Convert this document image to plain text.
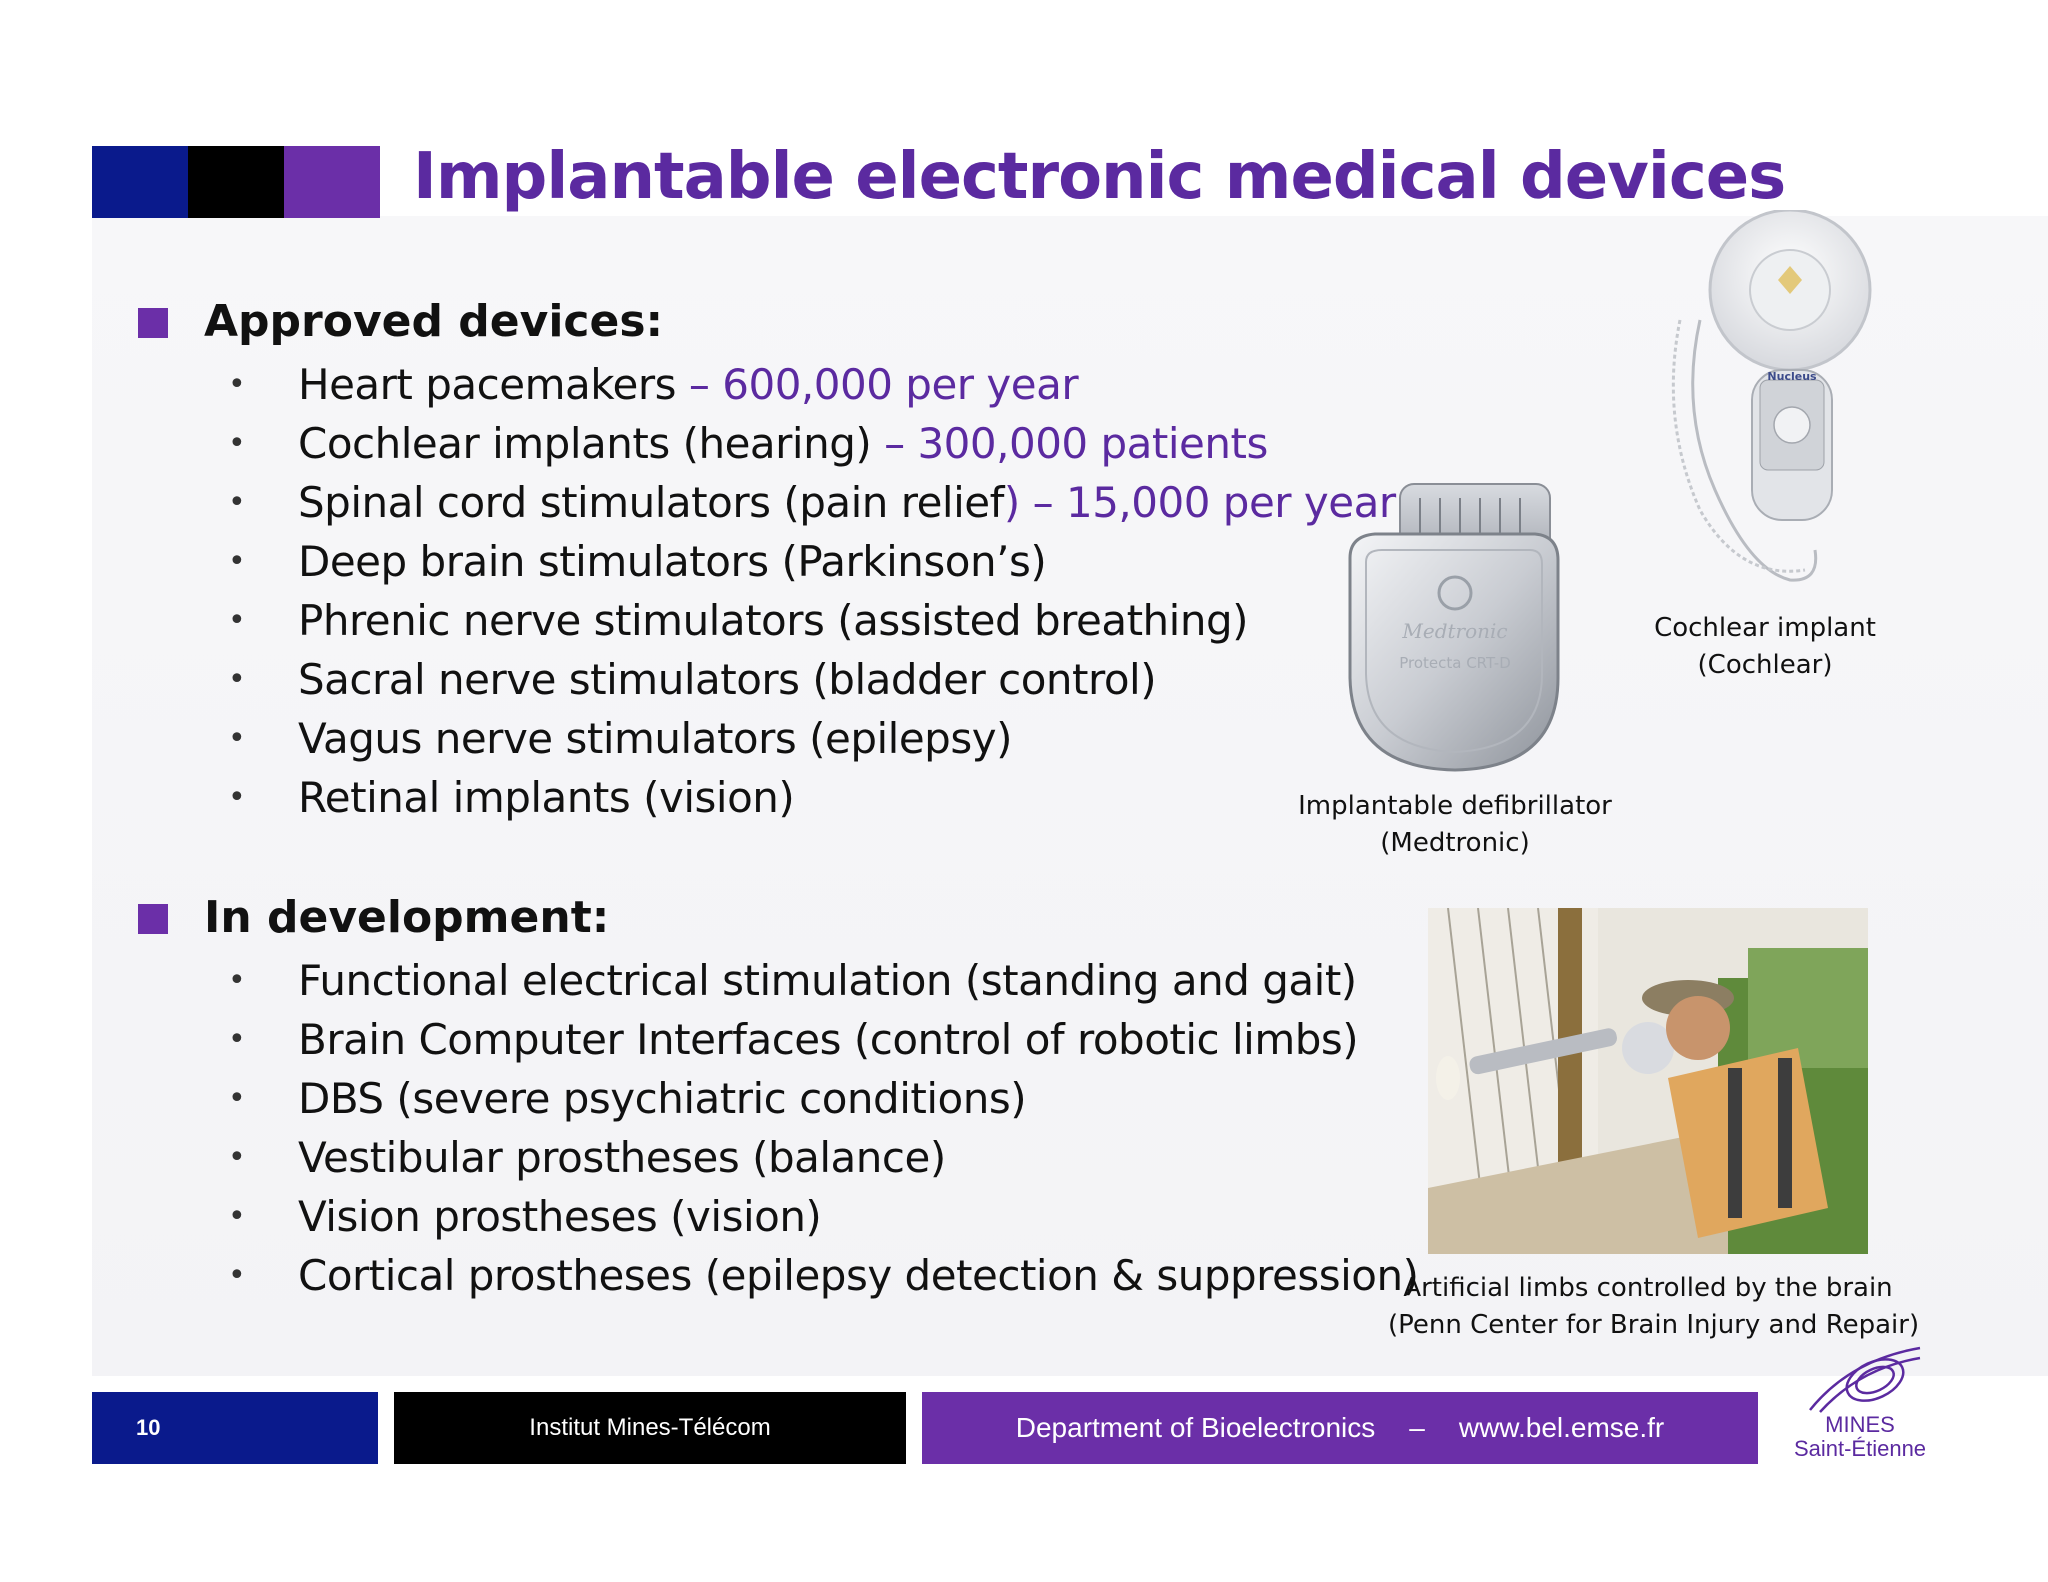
Implantable electronic medical devices
Approved devices:
• Heart pacemakers – 600,000 per year
• Cochlear implants (hearing) – 300,000 patients
• Spinal cord stimulators (pain relief) – 15,000 per year
• Deep brain stimulators (Parkinson’s)
• Phrenic nerve stimulators (assisted breathing)
• Sacral nerve stimulators (bladder control)
• Vagus nerve stimulators (epilepsy)
• Retinal implants (vision)
In development:
• Functional electrical stimulation (standing and gait)
• Brain Computer Interfaces (control of robotic limbs)
• DBS (severe psychiatric conditions)
• Vestibular prostheses (balance)
• Vision prostheses (vision)
• Cortical prostheses (epilepsy detection & suppression)
Medtronic
Protecta CRT-D
Implantable defibrillator
(Medtronic)
Nucleus
Cochlear implant
(Cochlear)
Artificial limbs controlled by the brain
(Penn Center for Brain Injury and Repair)
10	Institut Mines-Télécom	Department of Bioelectronics – www.bel.emse.fr	MINES
Saint-Étienne
